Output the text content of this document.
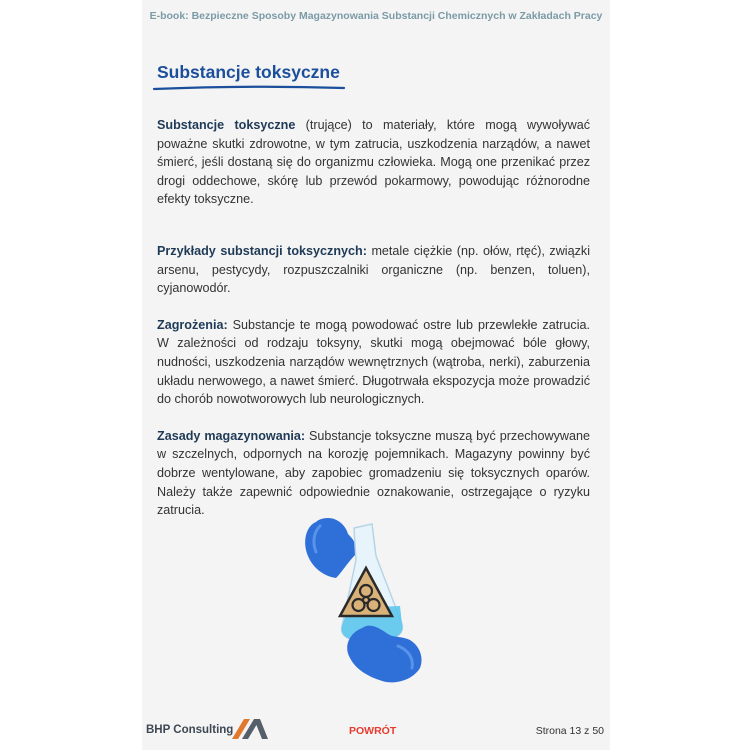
E-book: Bezpieczne Sposoby Magazynowania Substancji Chemicznych w Zakładach Pracy
Substancje toksyczne

Substancje toksyczne (trujące) to materiały, które mogą wywoływać poważne skutki zdrowotne, w tym zatrucia, uszkodzenia narządów, a nawet śmierć, jeśli dostaną się do organizmu człowieka. Mogą one przenikać przez drogi oddechowe, skórę lub przewód pokarmowy, powodując różnorodne efekty toksyczne.

Przykłady substancji toksycznych: metale ciężkie (np. ołów, rtęć), związki arsenu, pestycydy, rozpuszczalniki organiczne (np. benzen, toluen), cyjanowodór.

Zagrożenia: Substancje te mogą powodować ostre lub przewlekłe zatrucia. W zależności od rodzaju toksyny, skutki mogą obejmować bóle głowy, nudności, uszkodzenia narządów wewnętrznych (wątroba, nerki), zaburzenia układu nerwowego, a nawet śmierć. Długotrwała ekspozycja może prowadzić do chorób nowotworowych lub neurologicznych.

Zasady magazynowania: Substancje toksyczne muszą być przechowywane w szczelnych, odpornych na korozję pojemnikach. Magazyny powinny być dobrze wentylowane, aby zapobiec gromadzeniu się toksycznych oparów. Należy także zapewnić odpowiednie oznakowanie, ostrzegające o ryzyku zatrucia.

BHP Consulting	POWRÓT	Strona 13 z 50
